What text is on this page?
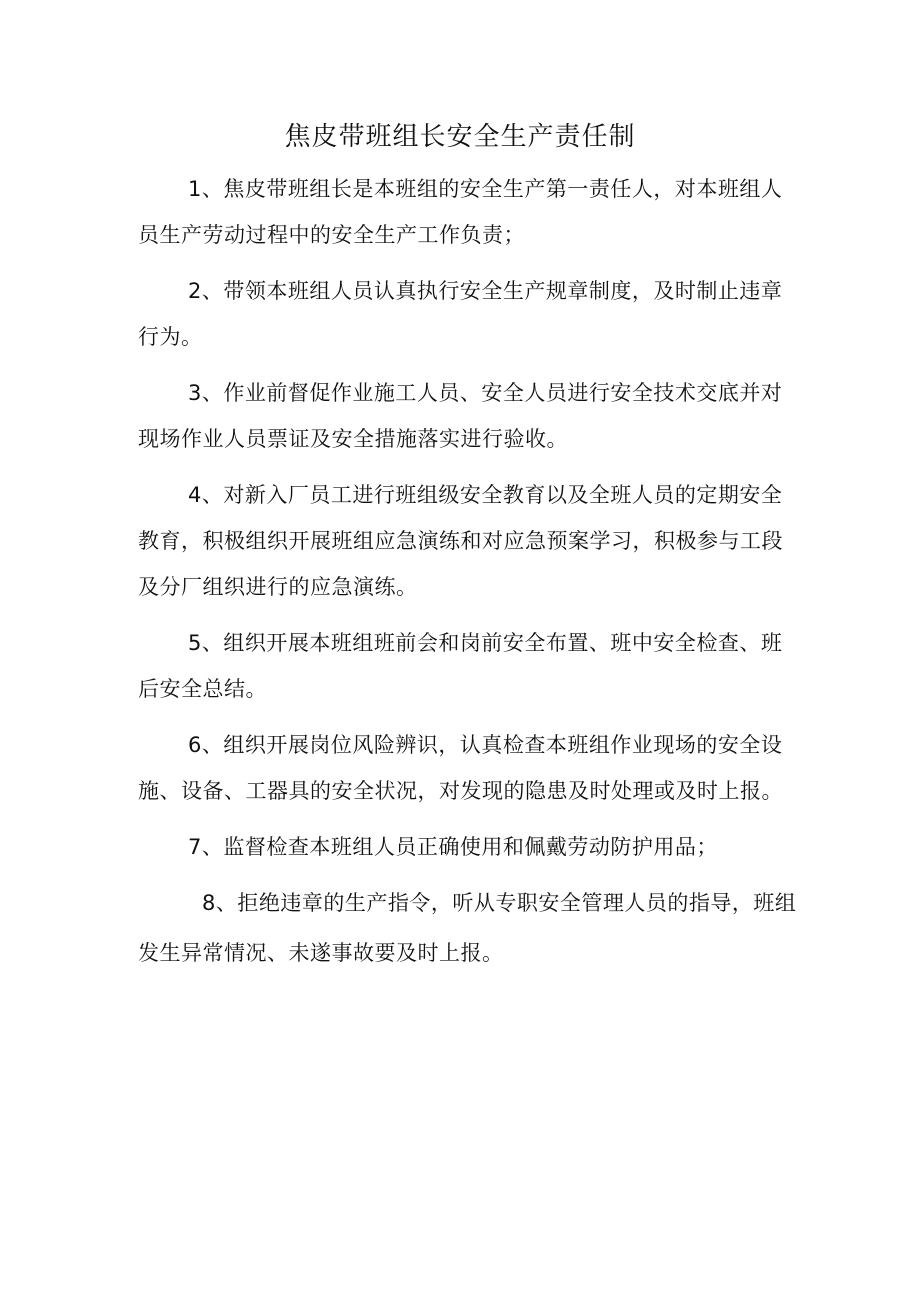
焦皮带班组长安全生产责任制

1、焦皮带班组长是本班组的安全生产第一责任人，对本班组人员生产劳动过程中的安全生产工作负责；

2、带领本班组人员认真执行安全生产规章制度，及时制止违章行为。

3、作业前督促作业施工人员、安全人员进行安全技术交底并对现场作业人员票证及安全措施落实进行验收。

4、对新入厂员工进行班组级安全教育以及全班人员的定期安全教育，积极组织开展班组应急演练和对应急预案学习，积极参与工段及分厂组织进行的应急演练。

5、组织开展本班组班前会和岗前安全布置、班中安全检查、班后安全总结。

6、组织开展岗位风险辨识，认真检查本班组作业现场的安全设施、设备、工器具的安全状况，对发现的隐患及时处理或及时上报。

7、监督检查本班组人员正确使用和佩戴劳动防护用品；

8、拒绝违章的生产指令，听从专职安全管理人员的指导，班组发生异常情况、未遂事故要及时上报。
